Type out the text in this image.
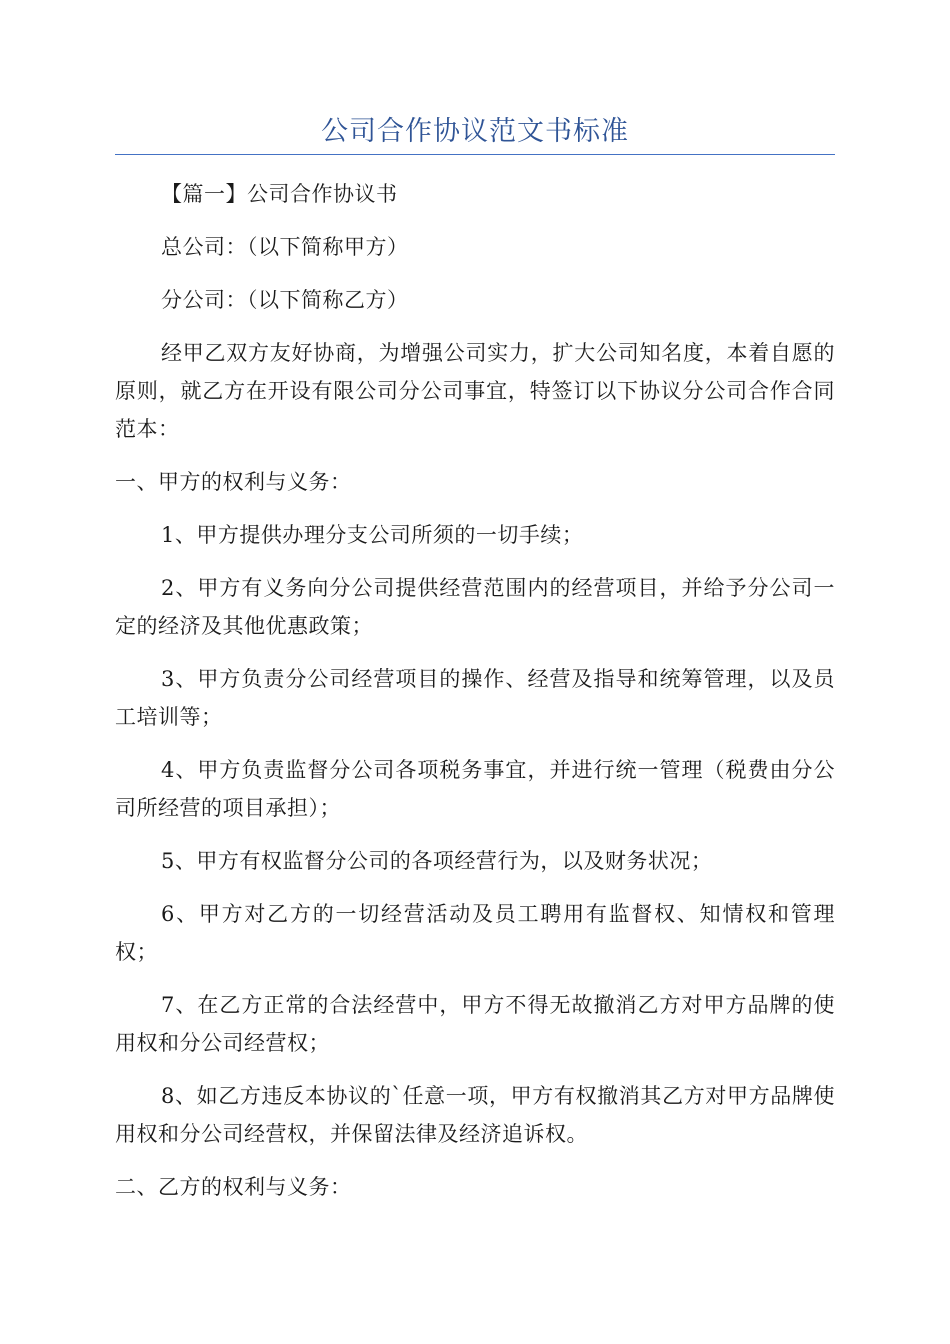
公司合作协议范文书标准

【篇一】公司合作协议书

总公司：（以下简称甲方）

分公司：（以下简称乙方）

经甲乙双方友好协商，为增强公司实力，扩大公司知名度，本着自愿的原则，就乙方在开设有限公司分公司事宜，特签订以下协议分公司合作合同范本：

一、甲方的权利与义务：

1、甲方提供办理分支公司所须的一切手续；

2、甲方有义务向分公司提供经营范围内的经营项目，并给予分公司一定的经济及其他优惠政策；

3、甲方负责分公司经营项目的操作、经营及指导和统筹管理，以及员工培训等；

4、甲方负责监督分公司各项税务事宜，并进行统一管理（税费由分公司所经营的项目承担）；

5、甲方有权监督分公司的各项经营行为，以及财务状况；

6、甲方对乙方的一切经营活动及员工聘用有监督权、知情权和管理权；

7、在乙方正常的合法经营中，甲方不得无故撤消乙方对甲方品牌的使用权和分公司经营权；

8、如乙方违反本协议的`任意一项，甲方有权撤消其乙方对甲方品牌使用权和分公司经营权，并保留法律及经济追诉权。

二、乙方的权利与义务：
